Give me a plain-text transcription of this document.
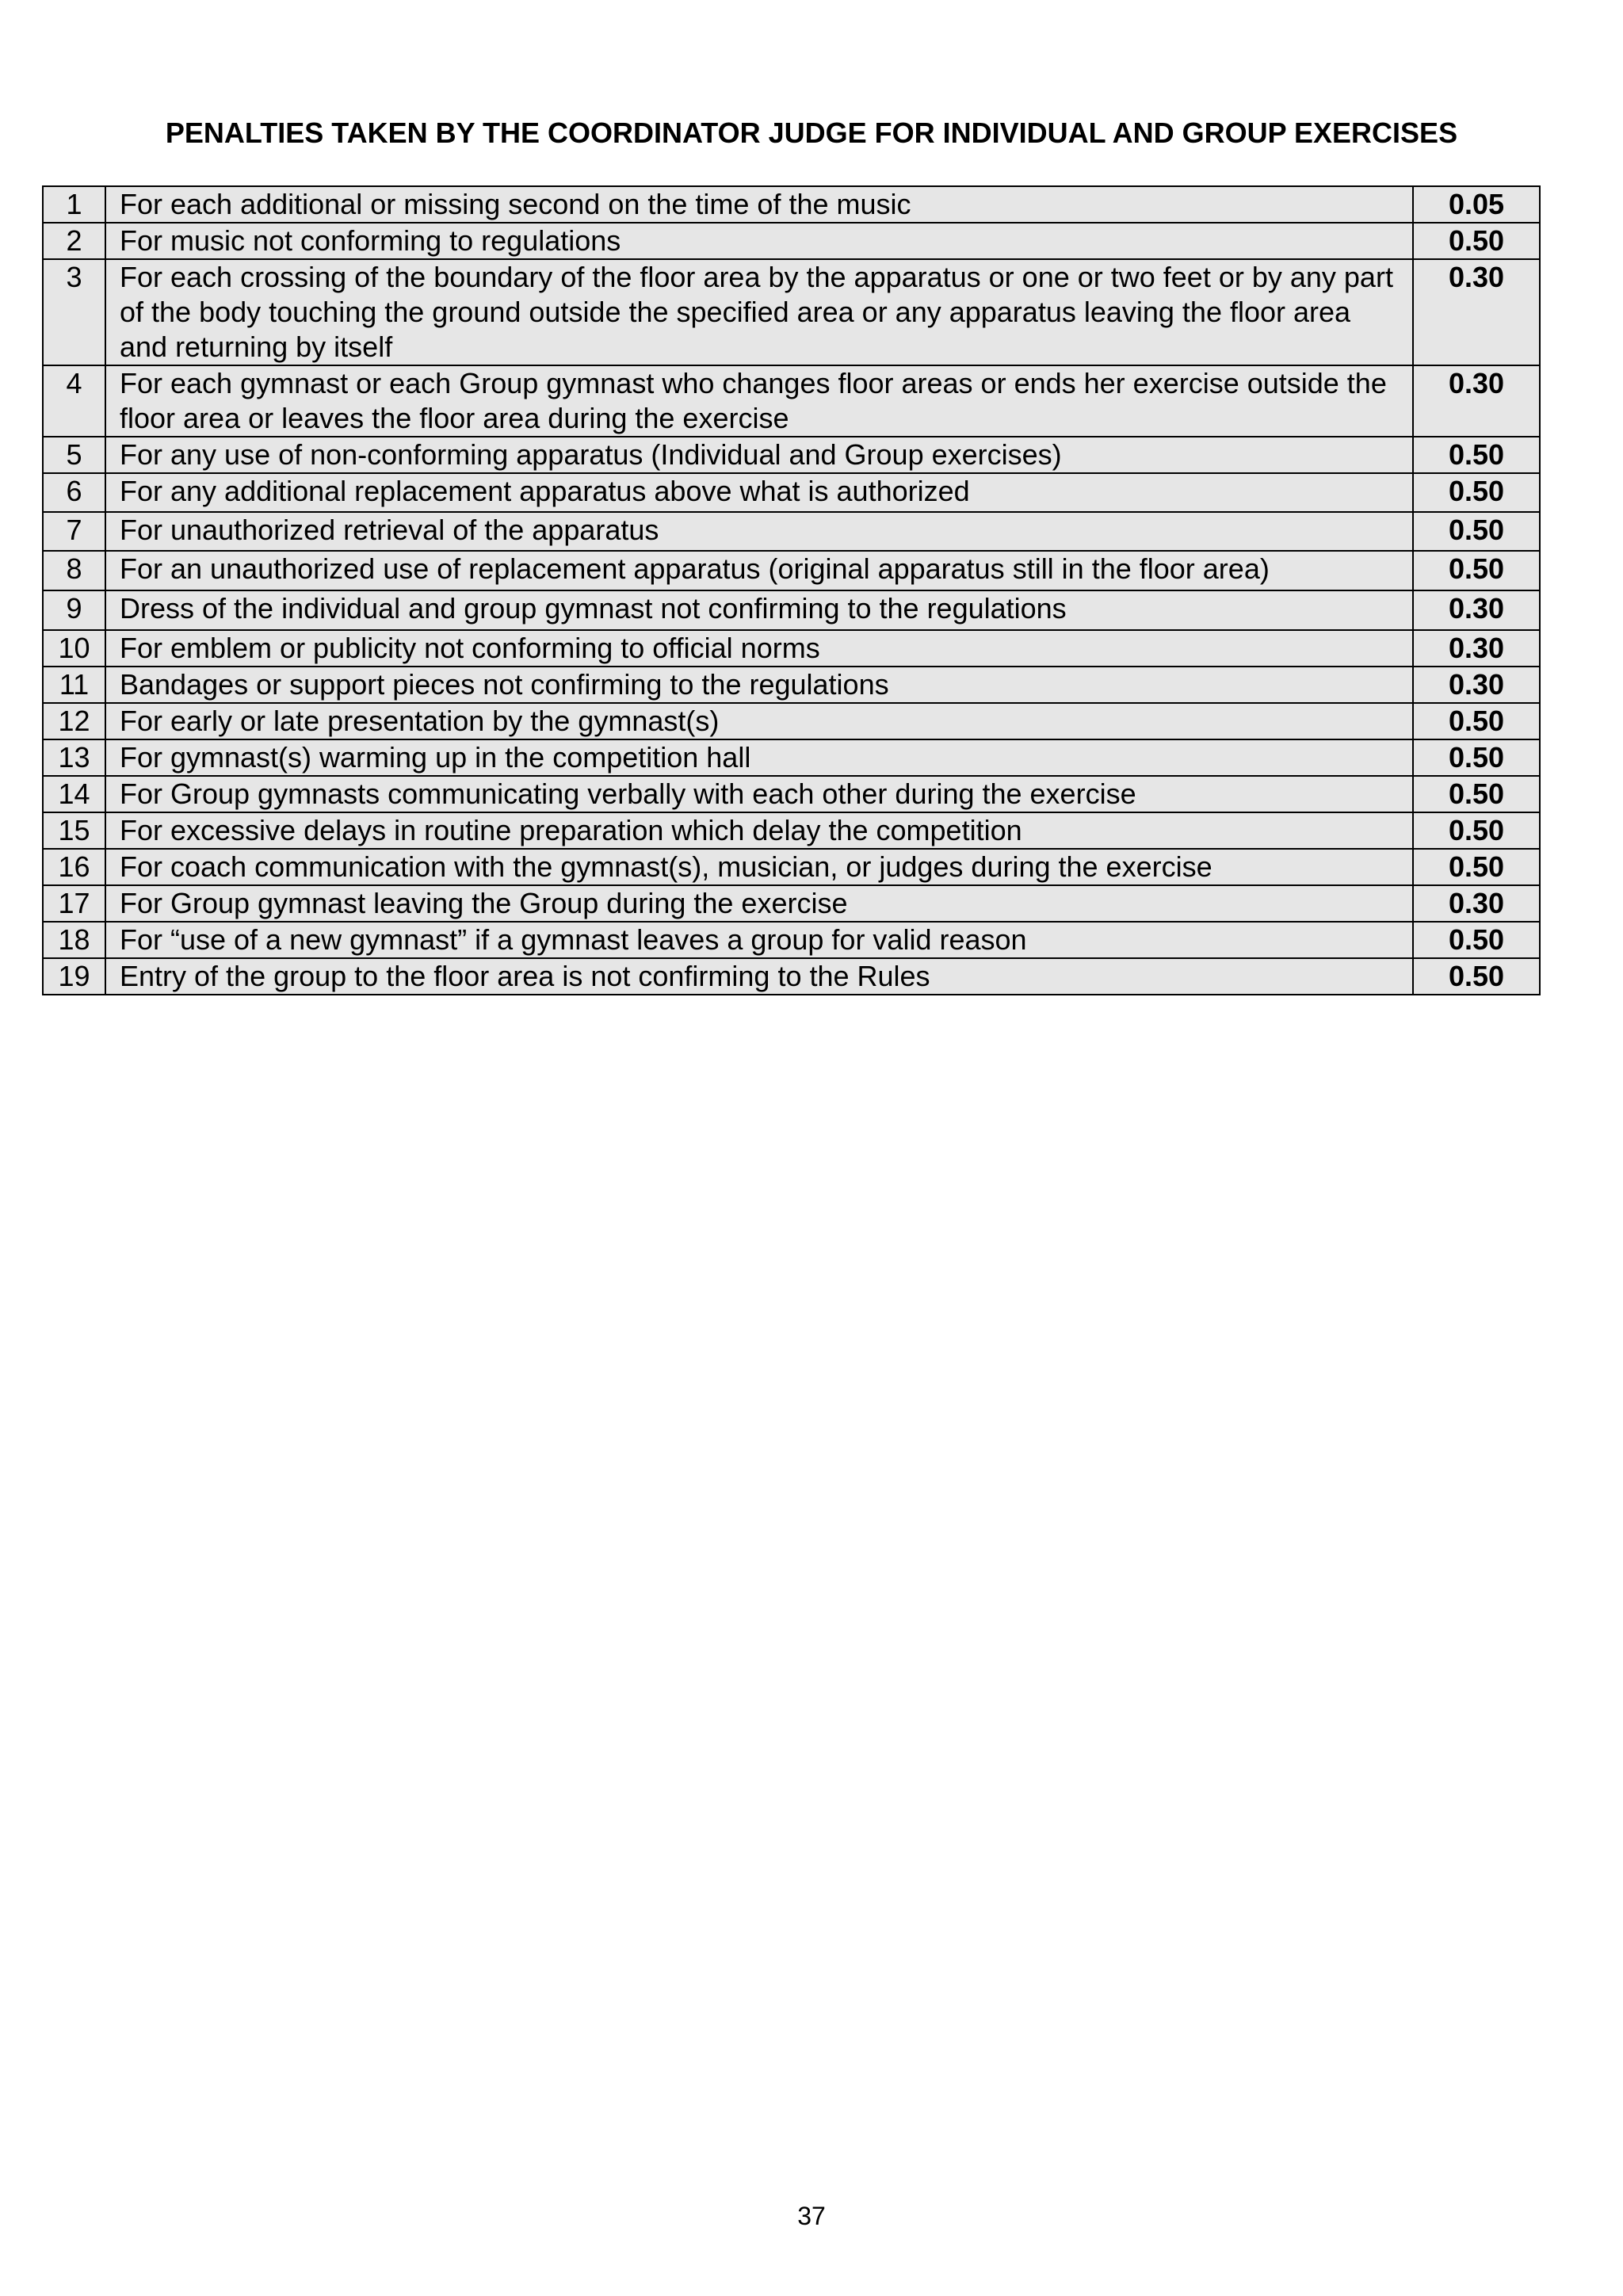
PENALTIES TAKEN BY THE COORDINATOR JUDGE FOR INDIVIDUAL AND GROUP EXERCISES
1	For each additional or missing second on the time of the music	0.05
2	For music not conforming to regulations	0.50
3	For each crossing of the boundary of the floor area by the apparatus or one or two feet or by any part of the body touching the ground outside the specified area or any apparatus leaving the floor area and returning by itself	0.30
4	For each gymnast or each Group gymnast who changes floor areas or ends her exercise outside the floor area or leaves the floor area during the exercise	0.30
5	For any use of non-conforming apparatus (Individual and Group exercises)	0.50
6	For any additional replacement apparatus above what is authorized	0.50
7	For unauthorized retrieval of the apparatus	0.50
8	For an unauthorized use of replacement apparatus (original apparatus still in the floor area)	0.50
9	Dress of the individual and group gymnast not confirming to the regulations	0.30
10	For emblem or publicity not conforming to official norms	0.30
11	Bandages or support pieces not confirming to the regulations	0.30
12	For early or late presentation by the gymnast(s)	0.50
13	For gymnast(s) warming up in the competition hall	0.50
14	For Group gymnasts communicating verbally with each other during the exercise	0.50
15	For excessive delays in routine preparation which delay the competition	0.50
16	For coach communication with the gymnast(s), musician, or judges during the exercise	0.50
17	For Group gymnast leaving the Group during the exercise	0.30
18	For “use of a new gymnast” if a gymnast leaves a group for valid reason	0.50
19	Entry of the group to the floor area is not confirming to the Rules	0.50
37
